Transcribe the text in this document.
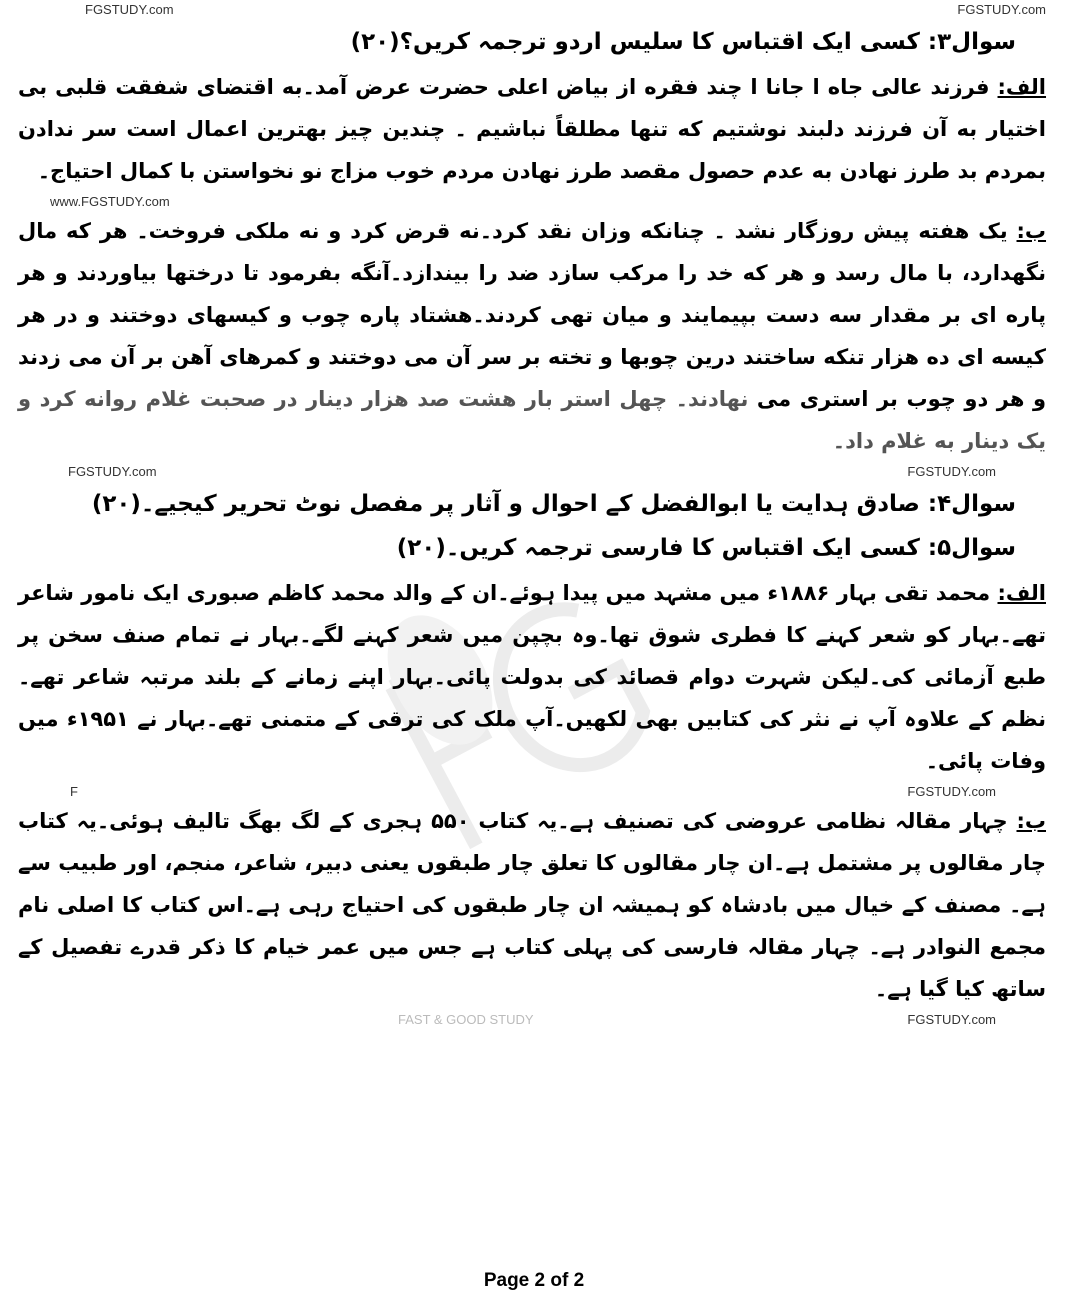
FGSTUDY.com	FGSTUDY.com
سوال۳: کسی ایک اقتباس کا سلیس اردو ترجمہ کریں؟(۲۰)

الف: فرزند عالی جاه ا جانا ا چند فقره از بیاض اعلی حضرت عرض آمد۔به اقتضای شفقت قلبی بی اختیار به آن فرزند دلبند نوشتیم که تنها مطلقاً نباشیم ۔ چندین چیز بهترین اعمال است سر ندادن بمردم بد طرز نهادن به عدم حصول مقصد طرز نهادن مردم خوب مزاج نو نخواستن با کمال احتیاج۔

www.FGSTUDY.com

ب: یک هفته پیش روزگار نشد ۔ چنانکه وزان نقد کرد۔نه قرض کرد و نه ملکی فروخت۔ هر که مال نگهدارد، با مال رسد و هر که خد را مرکب سازد ضد را بیندازد۔آنگه بفرمود تا درختها بیاوردند و هر پاره ای بر مقدار سه دست بپیمایند و میان تهی کردند۔هشتاد پاره چوب و کیسهای دوختند و در هر کیسه ای ده هزار تنکه ساختند درین چوبها و تخته بر سر آن می دوختند و کمرهای آهن بر آن می زدند و هر دو چوب بر استری می نهادند۔ چهل استر بار هشت صد هزار دینار در صحبت غلام روانه کرد و یک دینار به غلام داد۔

FGSTUDY.com	FGSTUDY.com
سوال۴: صادق ہدایت یا ابوالفضل کے احوال و آثار پر مفصل نوٹ تحریر کیجیے۔(۲۰)
سوال۵: کسی ایک اقتباس کا فارسی ترجمہ کریں۔(۲۰)

الف: محمد تقی بہار ۱۸۸۶ء میں مشہد میں پیدا ہوئے۔ان کے والد محمد کاظم صبوری ایک نامور شاعر تھے۔بہار کو شعر کہنے کا فطری شوق تھا۔وہ بچپن میں شعر کہنے لگے۔بہار نے تمام صنف سخن پر طبع آزمائی کی۔لیکن شہرت دوام قصائد کی بدولت پائی۔بہار اپنے زمانے کے بلند مرتبہ شاعر تھے۔ نظم کے علاوہ آپ نے نثر کی کتابیں بھی لکھیں۔آپ ملک کی ترقی کے متمنی تھے۔بہار نے ۱۹۵۱ء میں وفات پائی۔

F	FGSTUDY.com

ب: چہار مقالہ نظامی عروضی کی تصنیف ہے۔یہ کتاب ۵۵۰ ہجری کے لگ بھگ تالیف ہوئی۔یہ کتاب چار مقالوں پر مشتمل ہے۔ان چار مقالوں کا تعلق چار طبقوں یعنی دبیر، شاعر، منجم، اور طبیب سے ہے۔ مصنف کے خیال میں بادشاہ کو ہمیشہ ان چار طبقوں کی احتیاج رہی ہے۔اس کتاب کا اصلی نام مجمع النوادر ہے۔ چہار مقالہ فارسی کی پہلی کتاب ہے جس میں عمر خیام کا ذکر قدرے تفصیل کے ساتھ کیا گیا ہے۔

FAST & GOOD STUDY	FGSTUDY.com
Page 2 of 2
